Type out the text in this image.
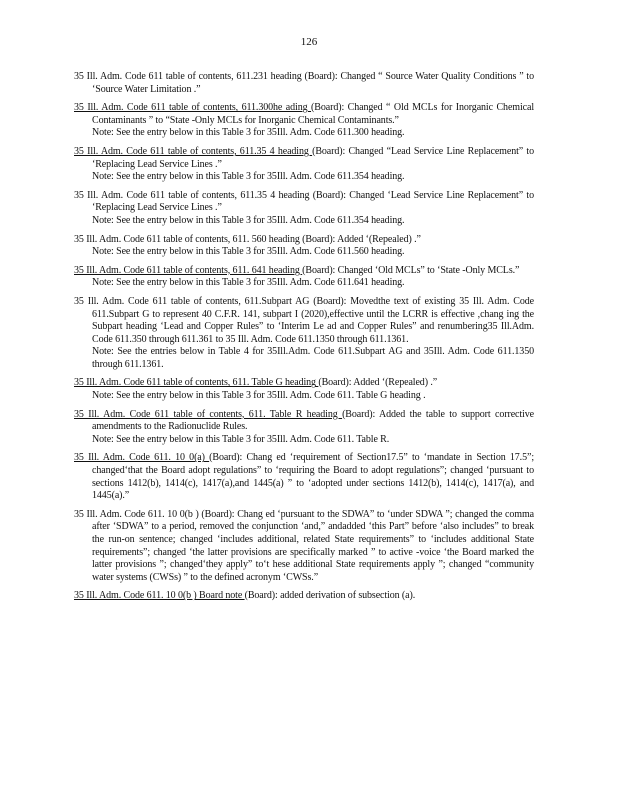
126
35 Ill. Adm. Code 611 table of contents, 611.231 heading (Board): Changed “ Source Water Quality Conditions ” to ‘Source Water Limitation .”
35 Ill. Adm. Code 611 table of contents, 611.300he ading (Board): Changed “ Old MCLs for Inorganic Chemical Contaminants ” to “State -Only MCLs for Inorganic Chemical Contaminants.”
Note: See the entry below in this Table 3 for 35Ill. Adm. Code 611.300 heading.
35 Ill. Adm. Code 611 table of contents, 611.35 4 heading (Board): Changed “Lead Service Line Replacement” to ‘Replacing Lead Service Lines .”
Note: See the entry below in this Table 3 for 35Ill. Adm. Code 611.354 heading.
35 Ill. Adm. Code 611 table of contents, 611.35 4 heading (Board): Changed ‘Lead Service Line Replacement” to ‘Replacing Lead Service Lines .”
Note: See the entry below in this Table 3 for 35Ill. Adm. Code 611.354 heading.
35 Ill. Adm. Code 611 table of contents, 611. 560 heading (Board): Added ‘(Repealed) .”
Note: See the entry below in this Table 3 for 35Ill. Adm. Code 611.560 heading.
35 Ill. Adm. Code 611 table of contents, 611. 641 heading (Board): Changed ‘Old MCLs” to ‘State -Only MCLs.”
Note: See the entry below in this Table 3 for 35Ill. Adm. Code 611.641 heading.
35 Ill. Adm. Code 611 table of contents, 611.Subpart AG (Board): Movedthe text of existing 35 Ill. Adm. Code 611.Subpart G to represent 40 C.F.R. 141, subpart I (2020),effective until the LCRR is effective ,chang ing the Subpart heading ‘Lead and Copper Rules” to ‘Interim Le ad and Copper Rules” and renumbering35 Ill.Adm. Code 611.350 through 611.361 to 35 Ill. Adm. Code 611.1350 through 611.1361.
Note: See the entries below in Table 4 for 35Ill.Adm. Code 611.Subpart AG and 35Ill. Adm. Code 611.1350 through 611.1361.
35 Ill. Adm. Code 611 table of contents, 611. Table G heading (Board): Added ‘(Repealed) .”
Note: See the entry below in this Table 3 for 35Ill. Adm. Code 611. Table G heading .
35 Ill. Adm. Code 611 table of contents, 611. Table R heading (Board): Added the table to support corrective amendments to the Radionuclide Rules.
Note: See the entry below in this Table 3 for 35Ill. Adm. Code 611. Table R.
35 Ill. Adm. Code 611. 10 0(a) (Board): Chang ed ‘requirement of Section17.5” to ‘mandate in Section 17.5”; changed‘that the Board adopt regulations” to ‘requiring the Board to adopt regulations”; changed ‘pursuant to sections 1412(b), 1414(c), 1417(a),and 1445(a) ” to ‘adopted under sections 1412(b), 1414(c), 1417(a), and 1445(a).”
35 Ill. Adm. Code 611. 10 0(b ) (Board): Chang ed ‘pursuant to the SDWA” to ‘under SDWA ”; changed the comma after ‘SDWA” to a period, removed the conjunction ‘and,” andadded ‘this Part” before ‘also includes” to break the run-on sentence; changed ‘includes additional, related State requirements” to ‘includes additional State requirements”; changed ‘the latter provisions are specifically marked ” to active -voice ‘the Board marked the latter provisions ”; changed‘they apply” to‘t hese additional State requirements apply ”; changed “community water systems (CWSs) ” to the defined acronym ‘CWSs.”
35 Ill. Adm. Code 611. 10 0(b ) Board note (Board): added derivation of subsection (a).
